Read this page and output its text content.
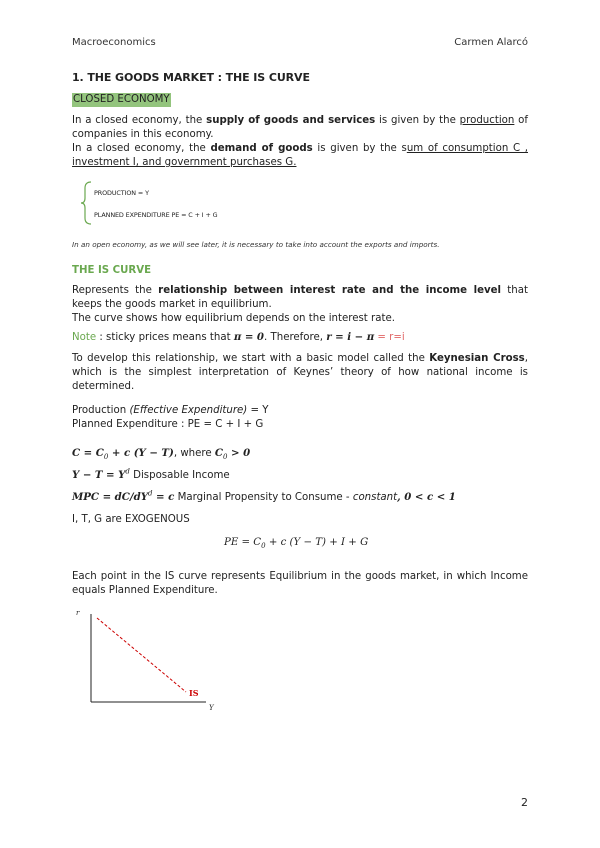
Macroeconomics	Carmen Alarcó
1. THE GOODS MARKET : THE IS CURVE
CLOSED ECONOMY
In a closed economy, the supply of goods and services is given by the production of companies in this economy.
In a closed economy, the demand of goods is given by the sum of consumption C , investment I, and government purchases G.
PRODUCTION = Y
PLANNED EXPENDITURE PE = C + I + G
In an open economy, as we will see later, it is necessary to take into account the exports and imports.
THE IS CURVE
Represents the relationship between interest rate and the income level that keeps the goods market in equilibrium.
The curve shows how equilibrium depends on the interest rate.
Note : sticky prices means that π = 0. Therefore, r = i − π = r=i
To develop this relationship, we start with a basic model called the Keynesian Cross, which is the simplest interpretation of Keynes’ theory of how national income is determined.
Production (Effective Expenditure) = Y
Planned Expenditure : PE = C + I + G
$C = C_0 + c$ (Y − T), where $C_0 > 0$
$Y - T = Y^d$ Disposable Income
MPC = $dC/dY^d = c$ Marginal Propensity to Consume - constant, 0 < c < 1
I, T, G are EXOGENOUS
PE = $C_0 + c$ (Y − T) + I + G
Each point in the IS curve represents Equilibrium in the goods market, in which Income equals Planned Expenditure.
r
Y
IS
2
